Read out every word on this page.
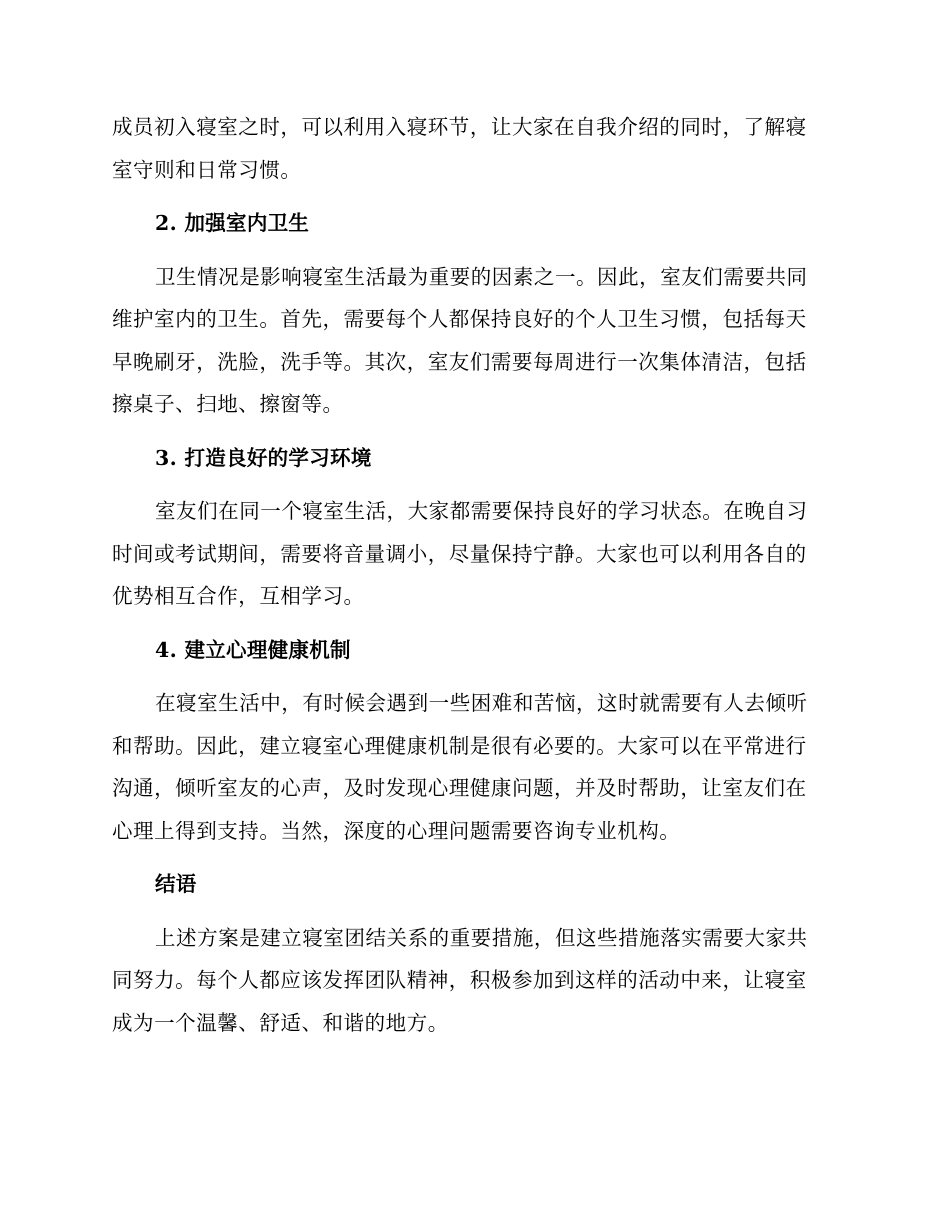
成员初入寝室之时，可以利用入寝环节，让大家在自我介绍的同时，了解寝
室守则和日常习惯。
2. 加强室内卫生
卫生情况是影响寝室生活最为重要的因素之一。因此，室友们需要共同
维护室内的卫生。首先，需要每个人都保持良好的个人卫生习惯，包括每天
早晚刷牙，洗脸，洗手等。其次，室友们需要每周进行一次集体清洁，包括
擦桌子、扫地、擦窗等。
3. 打造良好的学习环境
室友们在同一个寝室生活，大家都需要保持良好的学习状态。在晚自习
时间或考试期间，需要将音量调小，尽量保持宁静。大家也可以利用各自的
优势相互合作，互相学习。
4. 建立心理健康机制
在寝室生活中，有时候会遇到一些困难和苦恼，这时就需要有人去倾听
和帮助。因此，建立寝室心理健康机制是很有必要的。大家可以在平常进行
沟通，倾听室友的心声，及时发现心理健康问题，并及时帮助，让室友们在
心理上得到支持。当然，深度的心理问题需要咨询专业机构。
结语
上述方案是建立寝室团结关系的重要措施，但这些措施落实需要大家共
同努力。每个人都应该发挥团队精神，积极参加到这样的活动中来，让寝室
成为一个温馨、舒适、和谐的地方。
